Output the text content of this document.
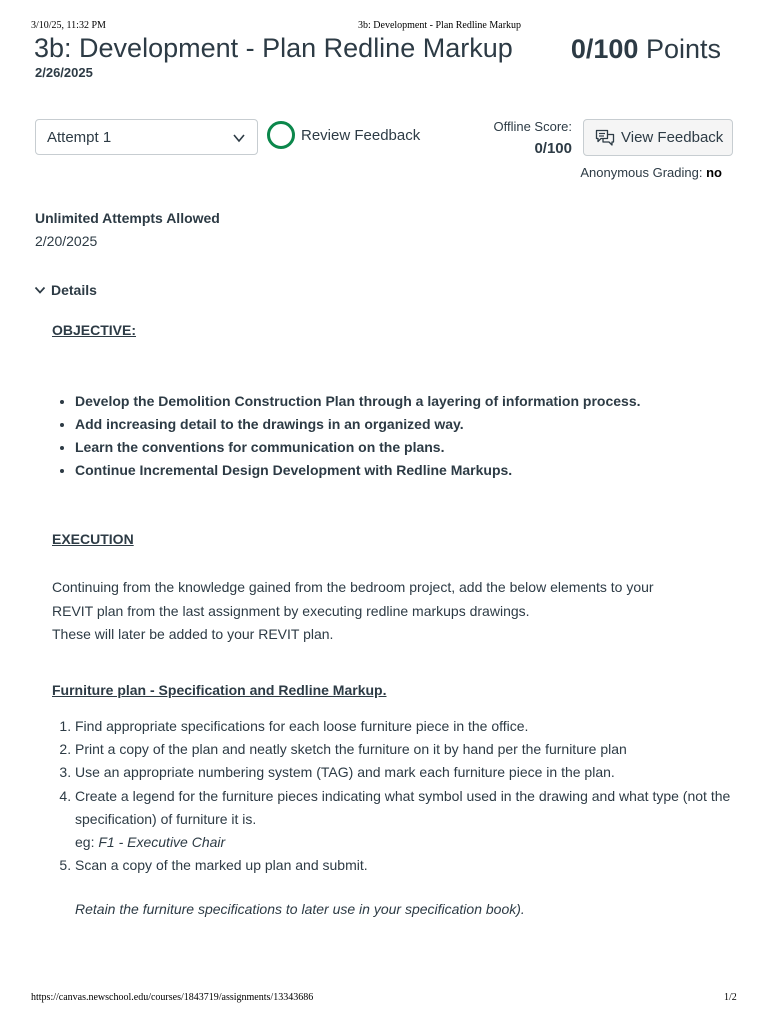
3/10/25, 11:32 PM	3b: Development - Plan Redline Markup
3b: Development - Plan Redline Markup
2/26/2025
0/100 Points
Attempt 1	Review Feedback	Offline Score:
0/100
View Feedback
Anonymous Grading: no
Unlimited Attempts Allowed
2/20/2025
Details
OBJECTIVE:
• Develop the Demolition Construction Plan through a layering of information process.
• Add increasing detail to the drawings in an organized way.
• Learn the conventions for communication on the plans.
• Continue Incremental Design Development with Redline Markups.
EXECUTION
Continuing from the knowledge gained from the bedroom project, add the below elements to your
REVIT plan from the last assignment by executing redline markups drawings.
These will later be added to your REVIT plan.
Furniture plan - Specification and Redline Markup.
1. Find appropriate specifications for each loose furniture piece in the office.
2. Print a copy of the plan and neatly sketch the furniture on it by hand per the furniture plan
3. Use an appropriate numbering system (TAG) and mark each furniture piece in the plan.
4. Create a legend for the furniture pieces indicating what symbol used in the drawing and what type (not the specification) of furniture it is.
eg: F1 - Executive Chair
5. Scan a copy of the marked up plan and submit.
Retain the furniture specifications to later use in your specification book).
https://canvas.newschool.edu/courses/1843719/assignments/13343686	1/2
